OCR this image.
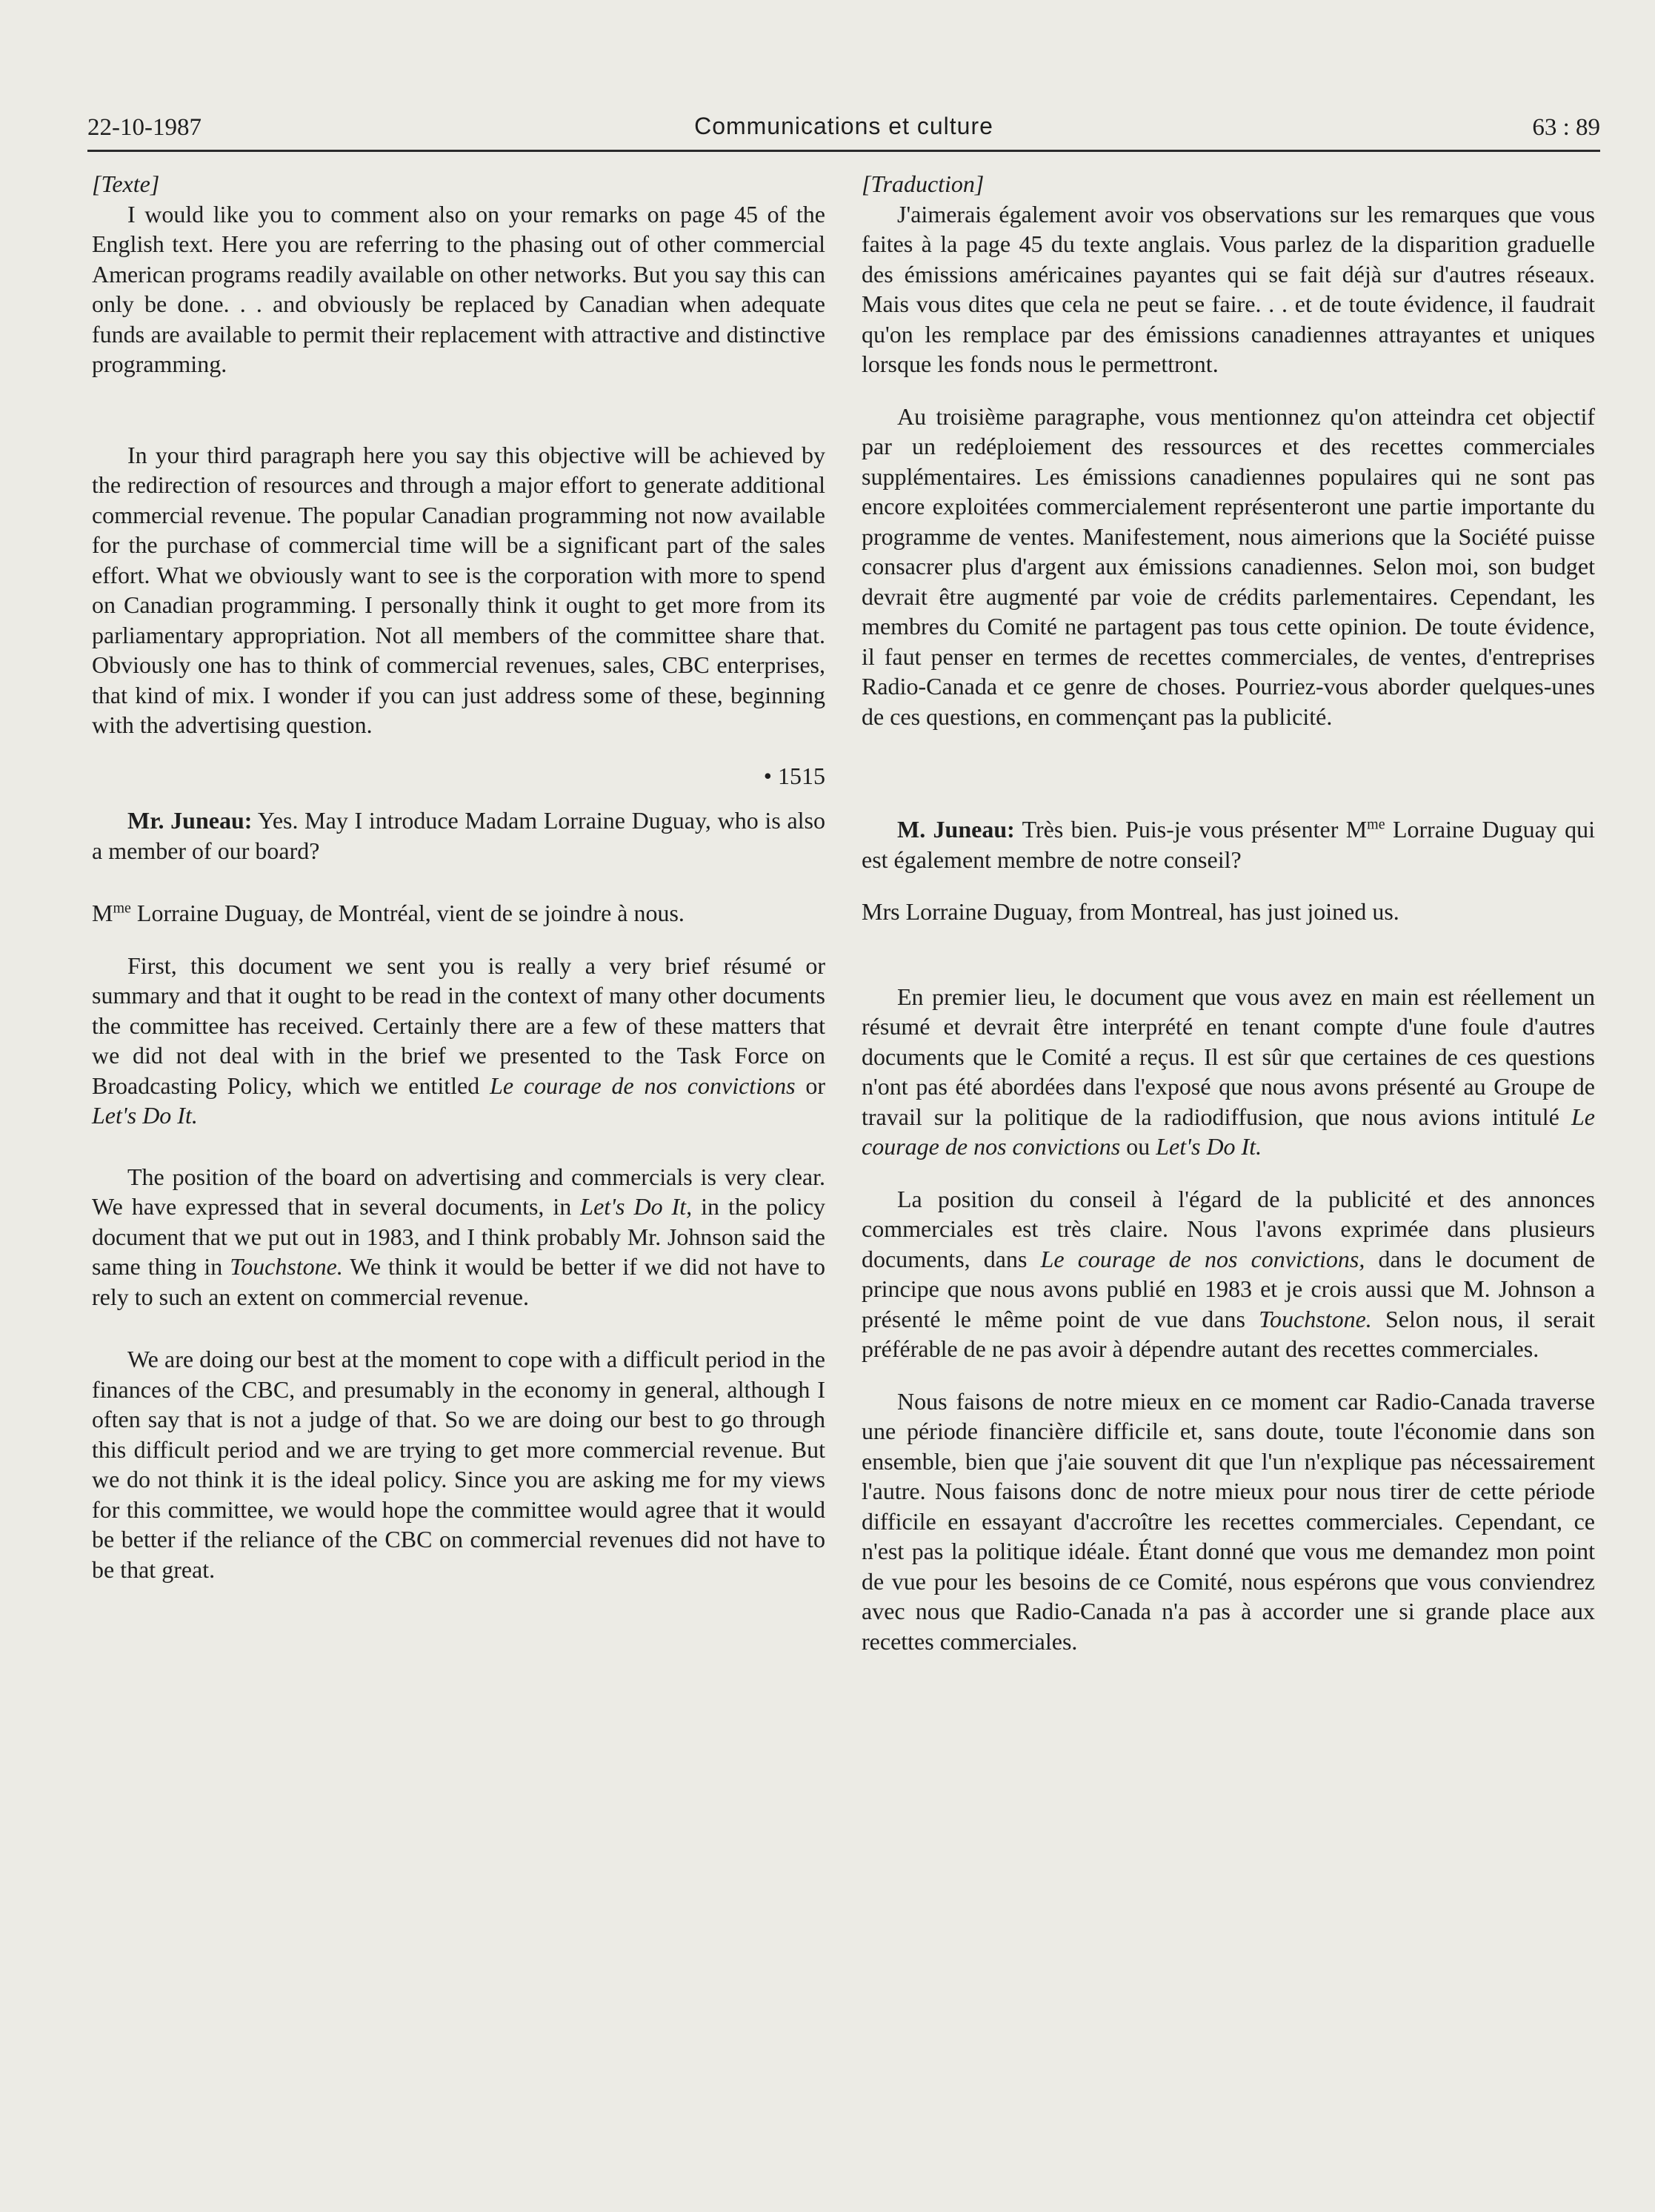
22-10-1987	Communications et culture	63 : 89

[Texte]

I would like you to comment also on your remarks on page 45 of the English text. Here you are referring to the phasing out of other commercial American programs readily available on other networks. But you say this can only be done. . . and obviously be replaced by Canadian when adequate funds are available to permit their replacement with attractive and distinctive programming.

In your third paragraph here you say this objective will be achieved by the redirection of resources and through a major effort to generate additional commercial revenue. The popular Canadian programming not now available for the purchase of commercial time will be a significant part of the sales effort. What we obviously want to see is the corporation with more to spend on Canadian programming. I personally think it ought to get more from its parliamentary appropriation. Not all members of the committee share that. Obviously one has to think of commercial revenues, sales, CBC enterprises, that kind of mix. I wonder if you can just address some of these, beginning with the advertising question.

• 1515

Mr. Juneau: Yes. May I introduce Madam Lorraine Duguay, who is also a member of our board?

$M^{me}$ Lorraine Duguay, de Montréal, vient de se joindre à nous.

First, this document we sent you is really a very brief résumé or summary and that it ought to be read in the context of many other documents the committee has received. Certainly there are a few of these matters that we did not deal with in the brief we presented to the Task Force on Broadcasting Policy, which we entitled Le courage de nos convictions or Let's Do It.

The position of the board on advertising and commercials is very clear. We have expressed that in several documents, in Let's Do It, in the policy document that we put out in 1983, and I think probably Mr. Johnson said the same thing in Touchstone. We think it would be better if we did not have to rely to such an extent on commercial revenue.

We are doing our best at the moment to cope with a difficult period in the finances of the CBC, and presumably in the economy in general, although I often say that is not a judge of that. So we are doing our best to go through this difficult period and we are trying to get more commercial revenue. But we do not think it is the ideal policy. Since you are asking me for my views for this committee, we would hope the committee would agree that it would be better if the reliance of the CBC on commercial revenues did not have to be that great.

[Traduction]

J'aimerais également avoir vos observations sur les remarques que vous faites à la page 45 du texte anglais. Vous parlez de la disparition graduelle des émissions américaines payantes qui se fait déjà sur d'autres réseaux. Mais vous dites que cela ne peut se faire. . . et de toute évidence, il faudrait qu'on les remplace par des émissions canadiennes attrayantes et uniques lorsque les fonds nous le permettront.

Au troisième paragraphe, vous mentionnez qu'on atteindra cet objectif par un redéploiement des ressources et des recettes commerciales supplémentaires. Les émissions canadiennes populaires qui ne sont pas encore exploitées commercialement représenteront une partie importante du programme de ventes. Manifestement, nous aimerions que la Société puisse consacrer plus d'argent aux émissions canadiennes. Selon moi, son budget devrait être augmenté par voie de crédits parlementaires. Cependant, les membres du Comité ne partagent pas tous cette opinion. De toute évidence, il faut penser en termes de recettes commerciales, de ventes, d'entreprises Radio-Canada et ce genre de choses. Pourriez-vous aborder quelques-unes de ces questions, en commençant pas la publicité.

M. Juneau: Très bien. Puis-je vous présenter $M^{me}$ Lorraine Duguay qui est également membre de notre conseil?

Mrs Lorraine Duguay, from Montreal, has just joined us.

En premier lieu, le document que vous avez en main est réellement un résumé et devrait être interprété en tenant compte d'une foule d'autres documents que le Comité a reçus. Il est sûr que certaines de ces questions n'ont pas été abordées dans l'exposé que nous avons présenté au Groupe de travail sur la politique de la radiodiffusion, que nous avions intitulé Le courage de nos convictions ou Let's Do It.

La position du conseil à l'égard de la publicité et des annonces commerciales est très claire. Nous l'avons exprimée dans plusieurs documents, dans Le courage de nos convictions, dans le document de principe que nous avons publié en 1983 et je crois aussi que M. Johnson a présenté le même point de vue dans Touchstone. Selon nous, il serait préférable de ne pas avoir à dépendre autant des recettes commerciales.

Nous faisons de notre mieux en ce moment car Radio-Canada traverse une période financière difficile et, sans doute, toute l'économie dans son ensemble, bien que j'aie souvent dit que l'un n'explique pas nécessairement l'autre. Nous faisons donc de notre mieux pour nous tirer de cette période difficile en essayant d'accroître les recettes commerciales. Cependant, ce n'est pas la politique idéale. Étant donné que vous me demandez mon point de vue pour les besoins de ce Comité, nous espérons que vous conviendrez avec nous que Radio-Canada n'a pas à accorder une si grande place aux recettes commerciales.
